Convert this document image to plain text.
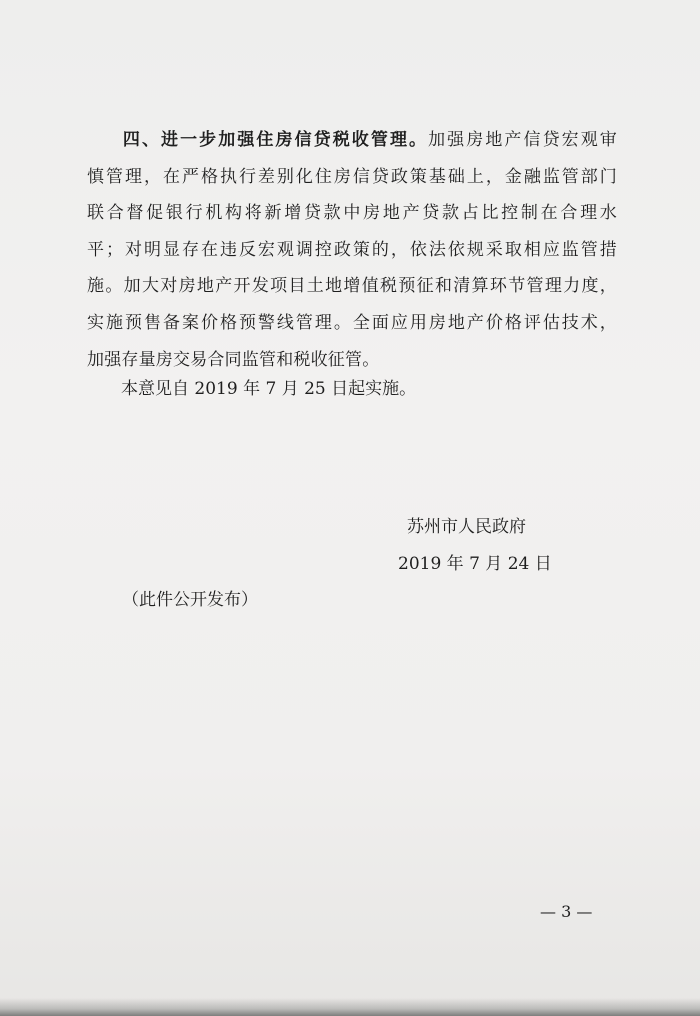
四、进一步加强住房信贷税收管理。加强房地产信贷宏观审
慎管理，在严格执行差别化住房信贷政策基础上，金融监管部门
联合督促银行机构将新增贷款中房地产贷款占比控制在合理水
平；对明显存在违反宏观调控政策的，依法依规采取相应监管措
施。加大对房地产开发项目土地增值税预征和清算环节管理力度，
实施预售备案价格预警线管理。全面应用房地产价格评估技术，
加强存量房交易合同监管和税收征管。
本意见自 2019 年 7 月 25 日起实施。
苏州市人民政府
2019 年 7 月 24 日
（此件公开发布）
— 3 —
